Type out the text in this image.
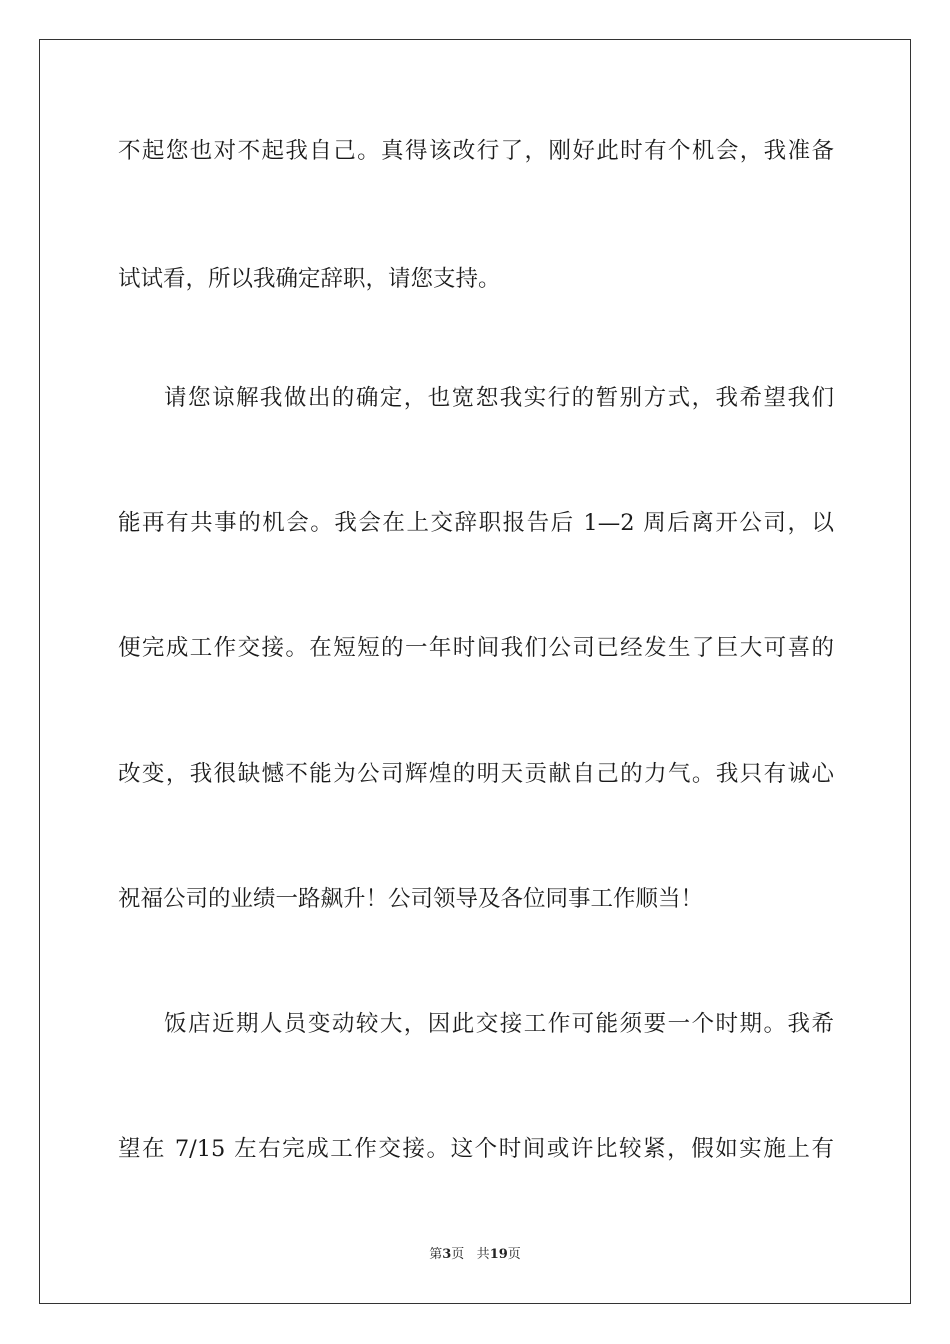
不起您也对不起我自己。真得该改行了，刚好此时有个机会，我准备
试试看，所以我确定辞职，请您支持。
请您谅解我做出的确定，也宽恕我实行的暂别方式，我希望我们
能再有共事的机会。我会在上交辞职报告后 1—2 周后离开公司，以
便完成工作交接。在短短的一年时间我们公司已经发生了巨大可喜的
改变，我很缺憾不能为公司辉煌的明天贡献自己的力气。我只有诚心
祝福公司的业绩一路飙升！公司领导及各位同事工作顺当！
饭店近期人员变动较大，因此交接工作可能须要一个时期。我希
望在 7/15 左右完成工作交接。这个时间或许比较紧，假如实施上有
第3页 共19页
